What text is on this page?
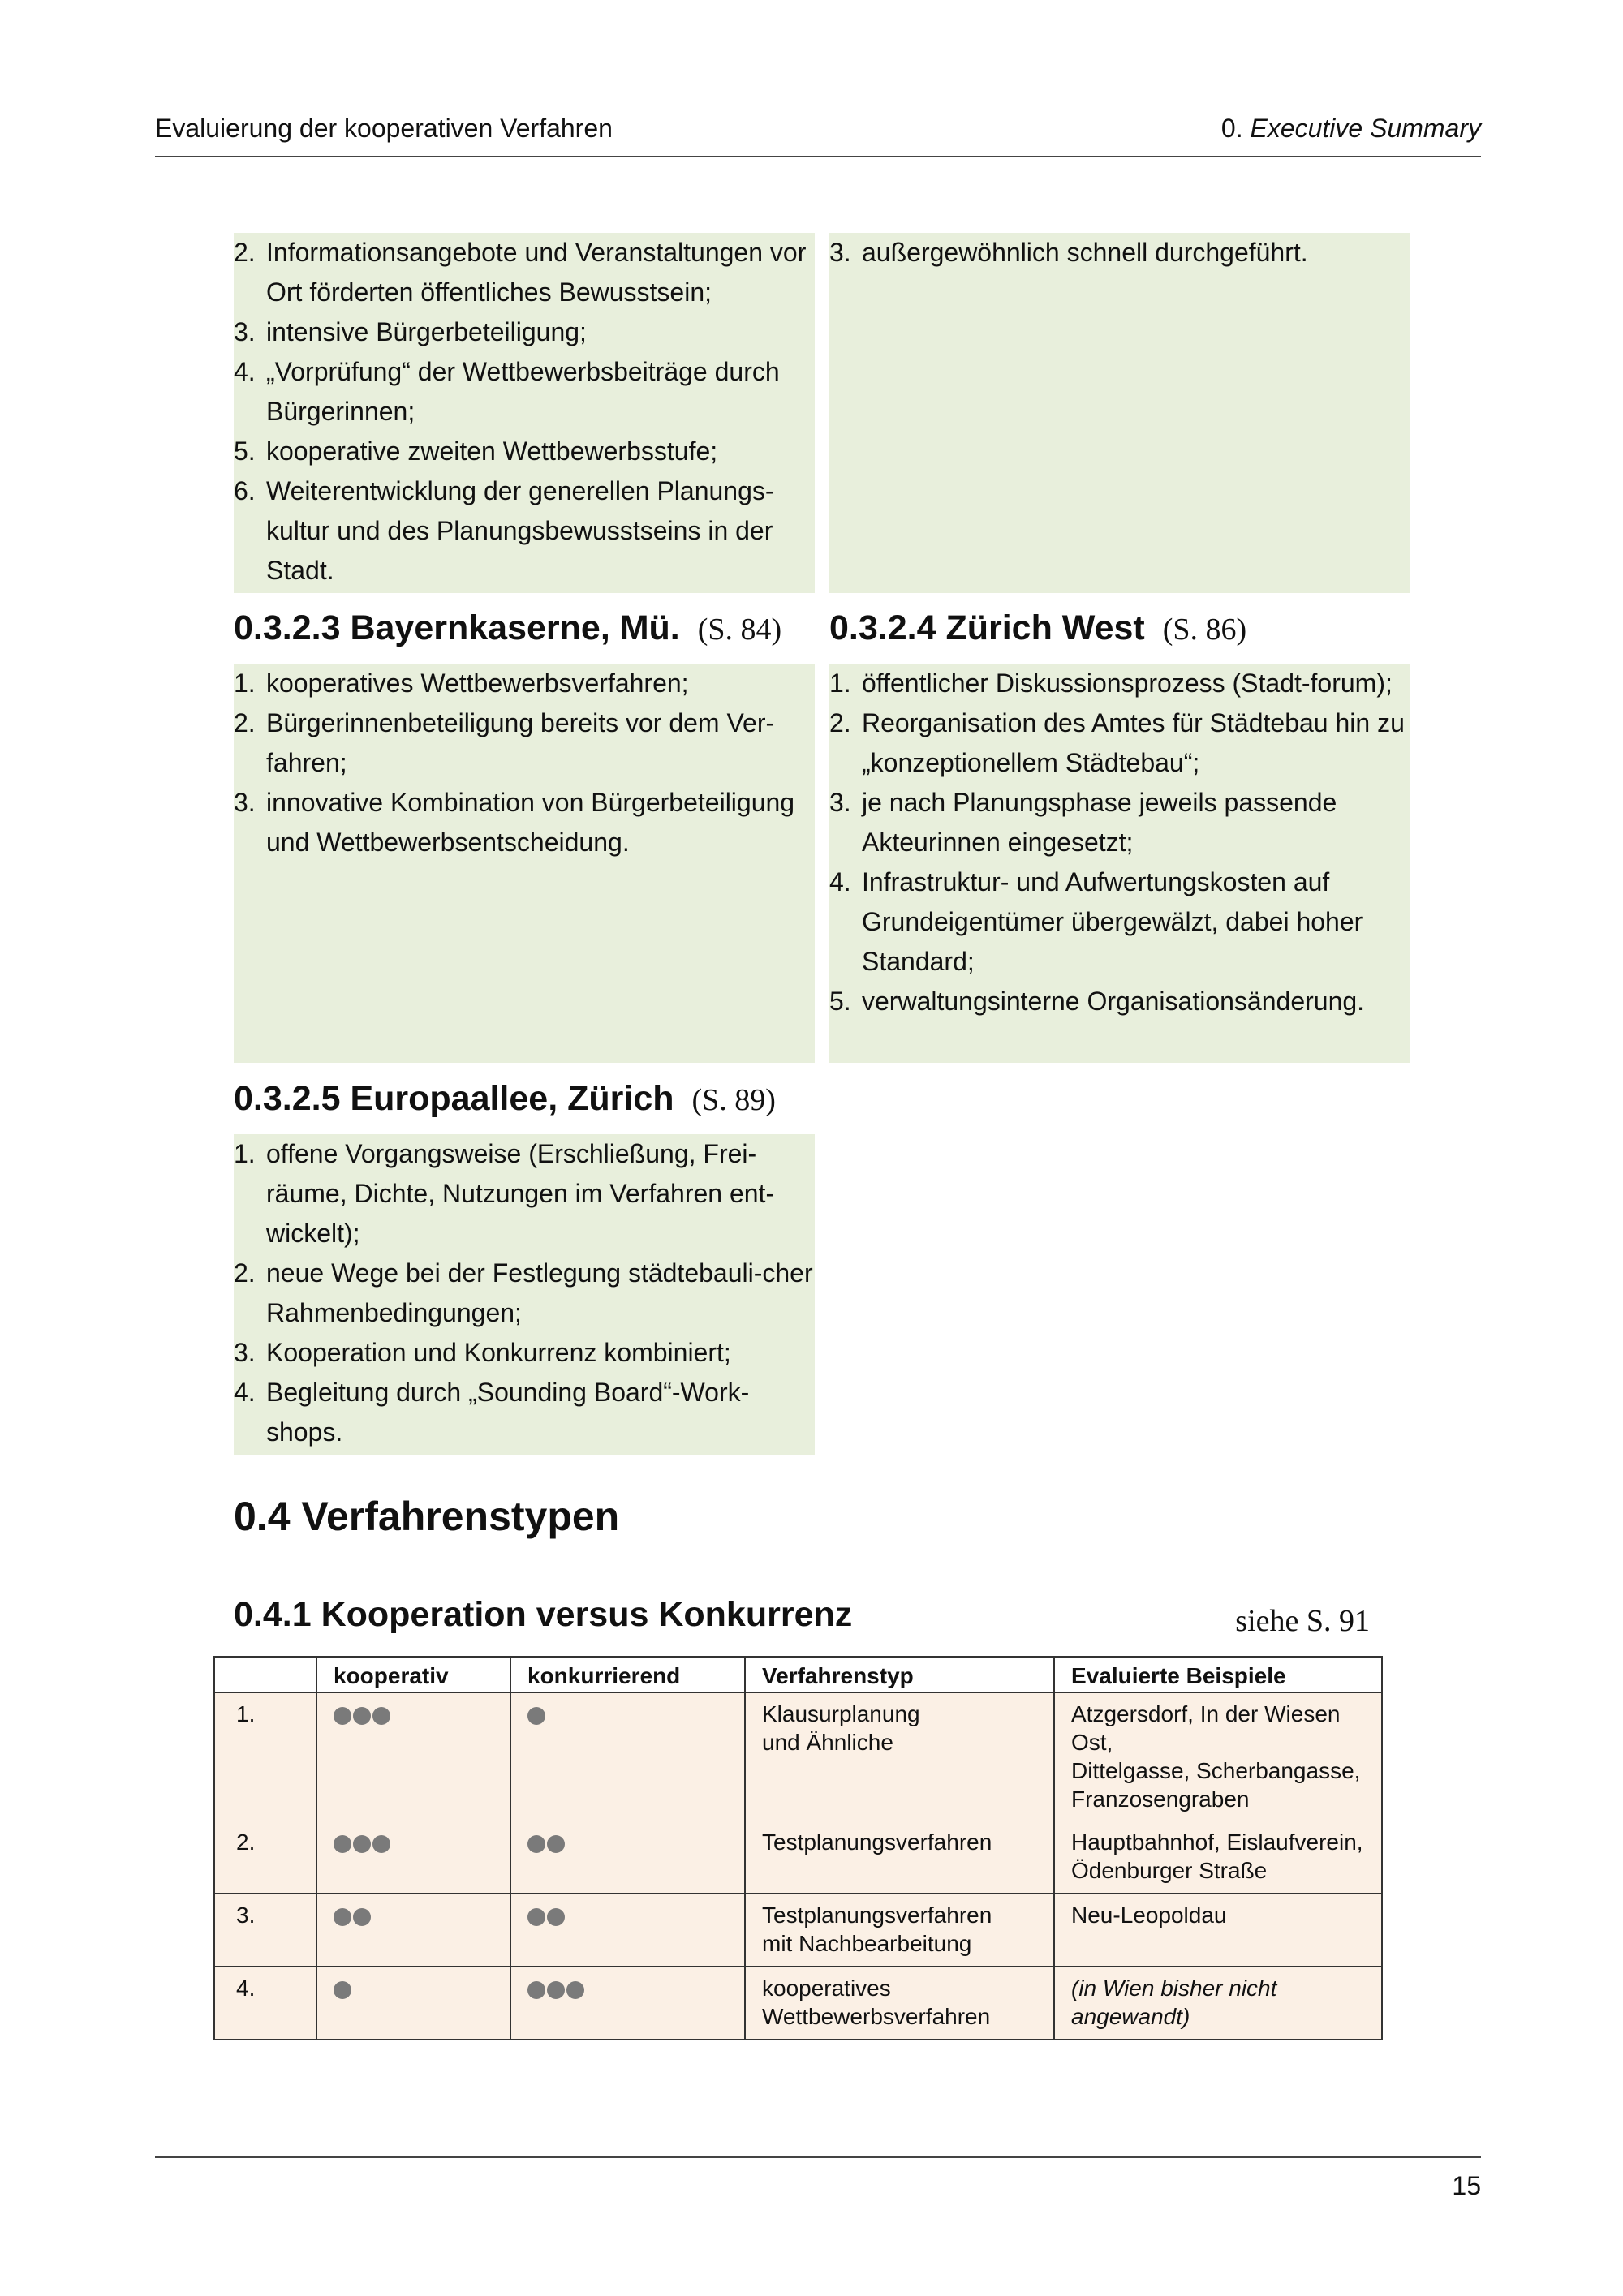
Evaluierung der kooperativen Verfahren	0. Executive Summary
2. Informationsangebote und Veranstaltungen vor Ort förderten öffentliches Bewusstsein;
3. intensive Bürgerbeteiligung;
4. „Vorprüfung“ der Wettbewerbsbeiträge durch Bürgerinnen;
5. kooperative zweiten Wettbewerbsstufe;
6. Weiterentwicklung der generellen Planungs-kultur und des Planungsbewusstseins in der Stadt.
3. außergewöhnlich schnell durchgeführt.
0.3.2.3 Bayernkaserne, Mü. (S. 84)
1. kooperatives Wettbewerbsverfahren;
2. Bürgerinnenbeteiligung bereits vor dem Ver-fahren;
3. innovative Kombination von Bürgerbeteiligung und Wettbewerbsentscheidung.
0.3.2.4 Zürich West (S. 86)
1. öffentlicher Diskussionsprozess (Stadt-forum);
2. Reorganisation des Amtes für Städtebau hin zu „konzeptionellem Städtebau“;
3. je nach Planungsphase jeweils passende Akteurinnen eingesetzt;
4. Infrastruktur- und Aufwertungskosten auf Grundeigentümer übergewälzt, dabei hoher Standard;
5. verwaltungsinterne Organisationsänderung.
0.3.2.5 Europaallee, Zürich (S. 89)
1. offene Vorgangsweise (Erschließung, Frei-räume, Dichte, Nutzungen im Verfahren ent-wickelt);
2. neue Wege bei der Festlegung städtebauli-cher Rahmenbedingungen;
3. Kooperation und Konkurrenz kombiniert;
4. Begleitung durch „Sounding Board“-Work-shops.
0.4 Verfahrenstypen
0.4.1 Kooperation versus Konkurrenz	siehe S. 91
	kooperativ	konkurrierend	Verfahrenstyp	Evaluierte Beispiele
1.			Klausurplanung
und Ähnliche	Atzgersdorf, In der Wiesen Ost,
Dittelgasse, Scherbangasse,
Franzosengraben
2.			Testplanungsverfahren	Hauptbahnhof, Eislaufverein,
Ödenburger Straße
3.			Testplanungsverfahren
mit Nachbearbeitung	Neu-Leopoldau
4.			kooperatives
Wettbewerbsverfahren	(in Wien bisher nicht angewandt)
15
